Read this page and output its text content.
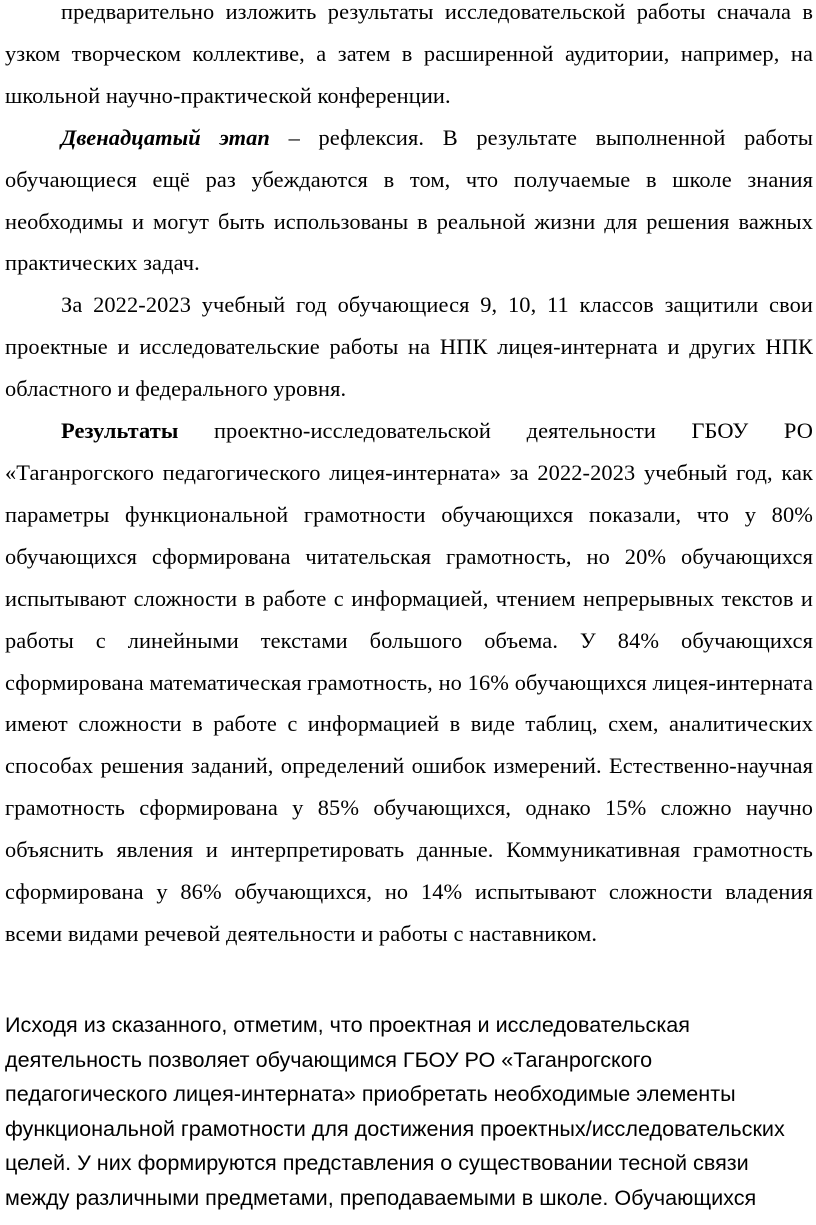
предварительно изложить результаты исследовательской работы сначала в узком творческом коллективе, а затем в расширенной аудитории, например, на школьной научно-практической конференции.

Двенадцатый этап – рефлексия. В результате выполненной работы обучающиеся ещё раз убеждаются в том, что получаемые в школе знания необходимы и могут быть использованы в реальной жизни для решения важных практических задач.

За 2022-2023 учебный год обучающиеся 9, 10, 11 классов защитили свои проектные и исследовательские работы на НПК лицея-интерната и других НПК областного и федерального уровня.

Результаты проектно-исследовательской деятельности ГБОУ РО «Таганрогского педагогического лицея-интерната» за 2022-2023 учебный год, как параметры функциональной грамотности обучающихся показали, что у 80% обучающихся сформирована читательская грамотность, но 20% обучающихся испытывают сложности в работе с информацией, чтением непрерывных текстов и работы с линейными текстами большого объема. У 84% обучающихся сформирована математическая грамотность, но 16% обучающихся лицея-интерната имеют сложности в работе с информацией в виде таблиц, схем, аналитических способах решения заданий, определений ошибок измерений. Естественно-научная грамотность сформирована у 85% обучающихся, однако 15% сложно научно объяснить явления и интерпретировать данные. Коммуникативная грамотность сформирована у 86% обучающихся, но 14% испытывают сложности владения всеми видами речевой деятельности и работы с наставником.

Исходя из сказанного, отметим, что проектная и исследовательская деятельность позволяет обучающимся ГБОУ РО «Таганрогского педагогического лицея-интерната» приобретать необходимые элементы функциональной грамотности для достижения проектных/исследовательских целей. У них формируются представления о существовании тесной связи между различными предметами, преподаваемыми в школе. Обучающихся
